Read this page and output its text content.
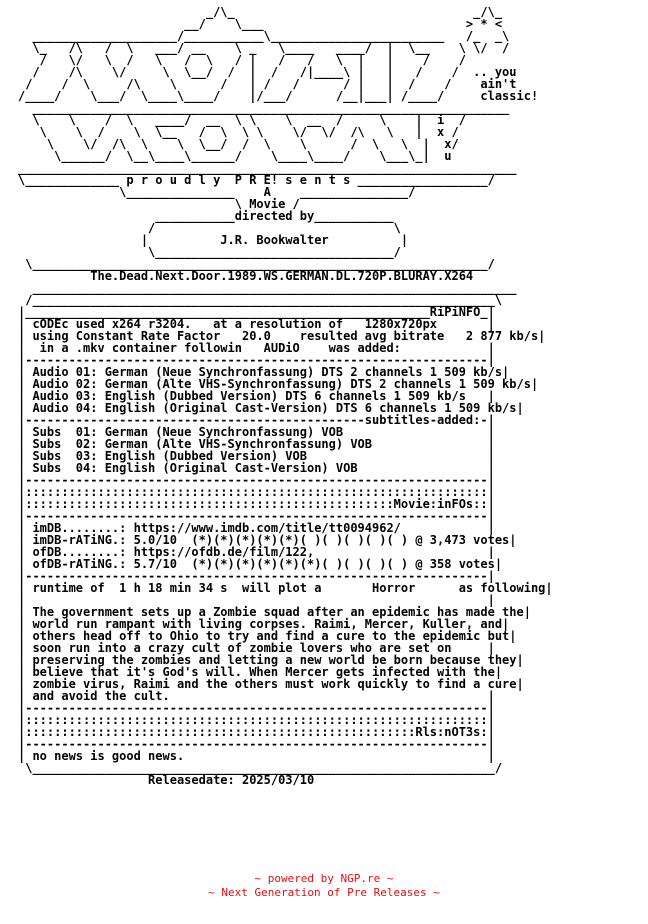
_/\_                                 _/\_
__/    \___                            > * <
____________________/___________\________________________   /_  _\
\_   /\   /  \   ___/ __    \ _   \____   ____/  |  \__    \ \/  /
/   \/   \  /   \   /  \   / |   /   /   \  |   |    /    /
/    /\    \/     \  \__/  /  |  /   /|____\ |   |   /    /  .. you
/    /  \     /\    \      /   | /   /      / |   |  /    /    ain't
/____/    \___/  \____\____/    |/___/      /__|___| /____/     classic!
__________________________________________________________________
\    \    /  \   ____/  __  \ \    \  __  /     \    |  i  /
\    \  /    \  \__   /  \  \ \    \/  \/  /\   \   |  x /
\    \/  /\  \    \  \__/  /  \    \      /  \   \  |  x/
\______/  \__\____\______/    \____\____/    \___\_|  u
_____________________________________________________________________
\_____________ p r o u d l y  P R E! s e n t s __________________/
\_______________    A    _______________/
\ Movie /
___________directed by___________
/                                 \
|          J.R. Bookwalter          |
\_________________________________/
\_______________________________________________________________/
The.Dead.Next.Door.1989.WS.GERMAN.DL.720P.BLURAY.X264
___________________________________________________________________
/________________________________________________________________\
|________________________________________________________RiPiNFO_|
| cODEc used x264 r3204.   at a resolution of   1280x720px       |
| using Constant Rate Factor   20.0    resulted avg bitrate   2 877 kb/s|
|  in a .mkv container followin   AUDiO    was added:            |
|----------------------------------------------------------------|
| Audio 01: German (Neue Synchronfassung) DTS 2 channels 1 509 kb/s|
| Audio 02: German (Alte VHS-Synchronfassung) DTS 2 channels 1 509 kb/s|
| Audio 03: English (Dubbed Version) DTS 6 channels 1 509 kb/s   |
| Audio 04: English (Original Cast-Version) DTS 6 channels 1 509 kb/s|
|-----------------------------------------------subtitles-added:-|
| Subs  01: German (Neue Synchronfassung) VOB                    |
| Subs  02: German (Alte VHS-Synchronfassung) VOB                |
| Subs  03: English (Dubbed Version) VOB                         |
| Subs  04: English (Original Cast-Version) VOB                  |
|----------------------------------------------------------------|
|::::::::::::::::::::::::::::::::::::::::::::::::::::::::::::::::|
|:::::::::::::::::::::::::::::::::::::::::::::::::::Movie:inFOs::|
|----------------------------------------------------------------|
| imDB........: https://www.imdb.com/title/tt0094962/            |
| imDB-rATiNG.: 5.0/10  (*)(*)(*)(*)(*)( )( )( )( )( ) @ 3,473 votes|
| ofDB........: https://ofdb.de/film/122,                        |
| ofDB-rATiNG.: 5.7/10  (*)(*)(*)(*)(*)(*)( )( )( )( ) @ 358 votes|
|----------------------------------------------------------------|
| runtime of  1 h 18 min 34 s  will plot a       Horror      as following|
|                                                                |
| The government sets up a Zombie squad after an epidemic has made the|
| world run rampant with living corpses. Raimi, Mercer, Kuller, and|
| others head off to Ohio to try and find a cure to the epidemic but|
| soon run into a crazy cult of zombie lovers who are set on     |
| preserving the zombies and letting a new world be born because they|
| believe that it's God's will. When Mercer gets infected with the|
| zombie virus, Raimi and the others must work quickly to find a cure|
| and avoid the cult.                                            |
|----------------------------------------------------------------|
|::::::::::::::::::::::::::::::::::::::::::::::::::::::::::::::::|
|::::::::::::::::::::::::::::::::::::::::::::::::::::::Rls:nOT3s:|
|----------------------------------------------------------------|
| no news is good news.                                          |
\________________________________________________________________/
Releasedate: 2025/03/10
~ powered by NGP.re ~
~ Next Generation of Pre Releases ~
